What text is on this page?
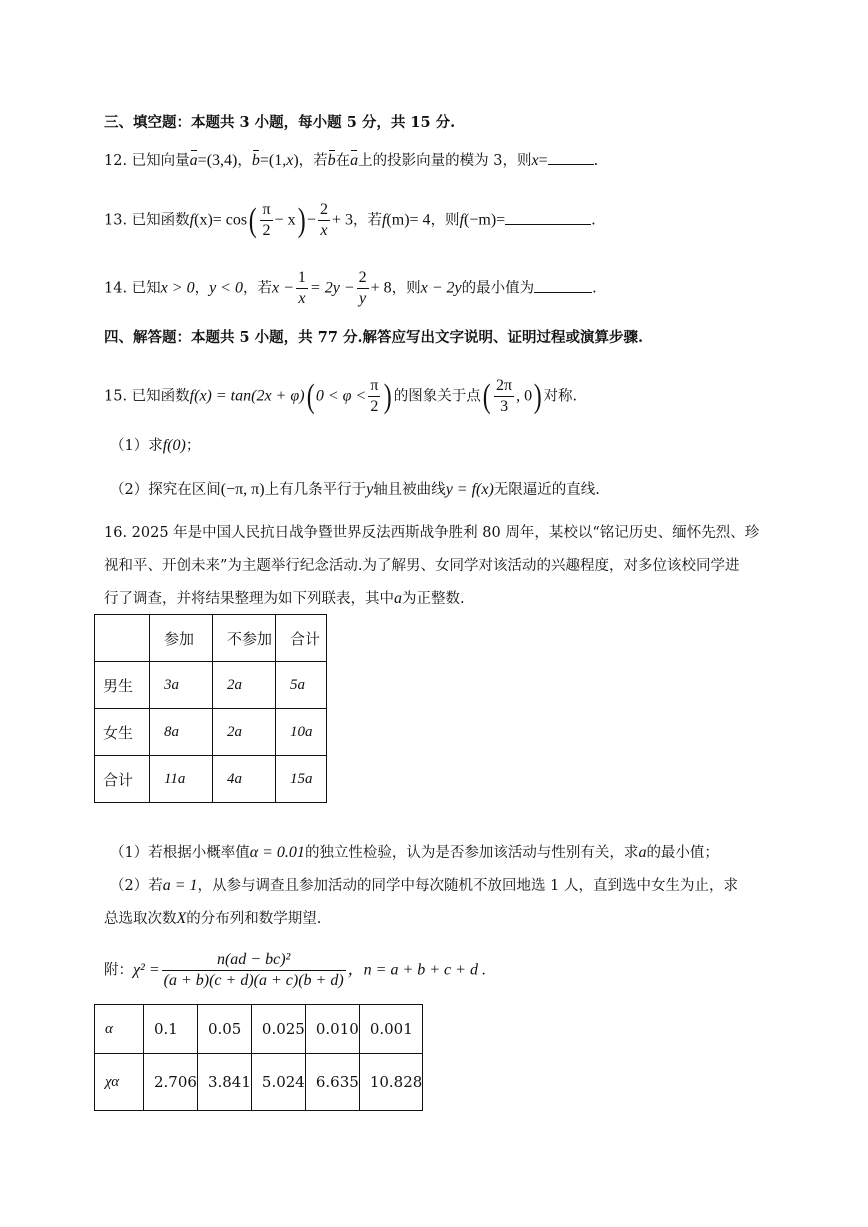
三、填空题：本题共 3 小题，每小题 5 分，共 15 分.
12. 已知向量a=(3,4)，b=(1,x)，若b在a上的投影向量的模为 3，则x=	.
13. 已知函数$f(x)= \cos( \frac{\pi}{2} - x) - \frac{2}{x} + 3$，若f(m)= 4，则f(−m)=	.
14. 已知x > 0，y < 0，若$x - \frac{1}{x} = 2y - \frac{2}{y} + 8$，则x − 2y的最小值为	.
四、解答题：本题共 5 小题，共 77 分.解答应写出文字说明、证明过程或演算步骤.
15. 已知函数f(x) = tan(2x + φ)( $0 < \varphi < \frac{\pi}{2}$ ) 的图象关于点( $\frac{2\pi}{3}$ , 0) 对称.
（1）求f(0)；
（2）探究在区间(−π, π)上有几条平行于y轴且被曲线y = f(x)无限逼近的直线.
16. 2025 年是中国人民抗日战争暨世界反法西斯战争胜利 80 周年，某校以“铭记历史、缅怀先烈、珍
视和平、开创未来”为主题举行纪念活动.为了解男、女同学对该活动的兴趣程度，对多位该校同学进
行了调查，并将结果整理为如下列联表，其中a为正整数.
	参加	不参加	合计
男生	3a	2a	5a
女生	8a	2a	10a
合计	11a	4a	15a
（1）若根据小概率值α = 0.01的独立性检验，认为是否参加该活动与性别有关，求a的最小值；
（2）若a = 1，从参与调查且参加活动的同学中每次随机不放回地选 1 人，直到选中女生为止，求
总选取次数X的分布列和数学期望.
附：$\chi^2 = \frac{\text{n(ad − bc)²}}{(a + b)(c + d)(a + c)(b + d)}$ ，n = a + b + c + d .
α	0.1	0.05	0.025	0.010	0.001
χα	2.706	3.841	5.024	6.635	10.828
